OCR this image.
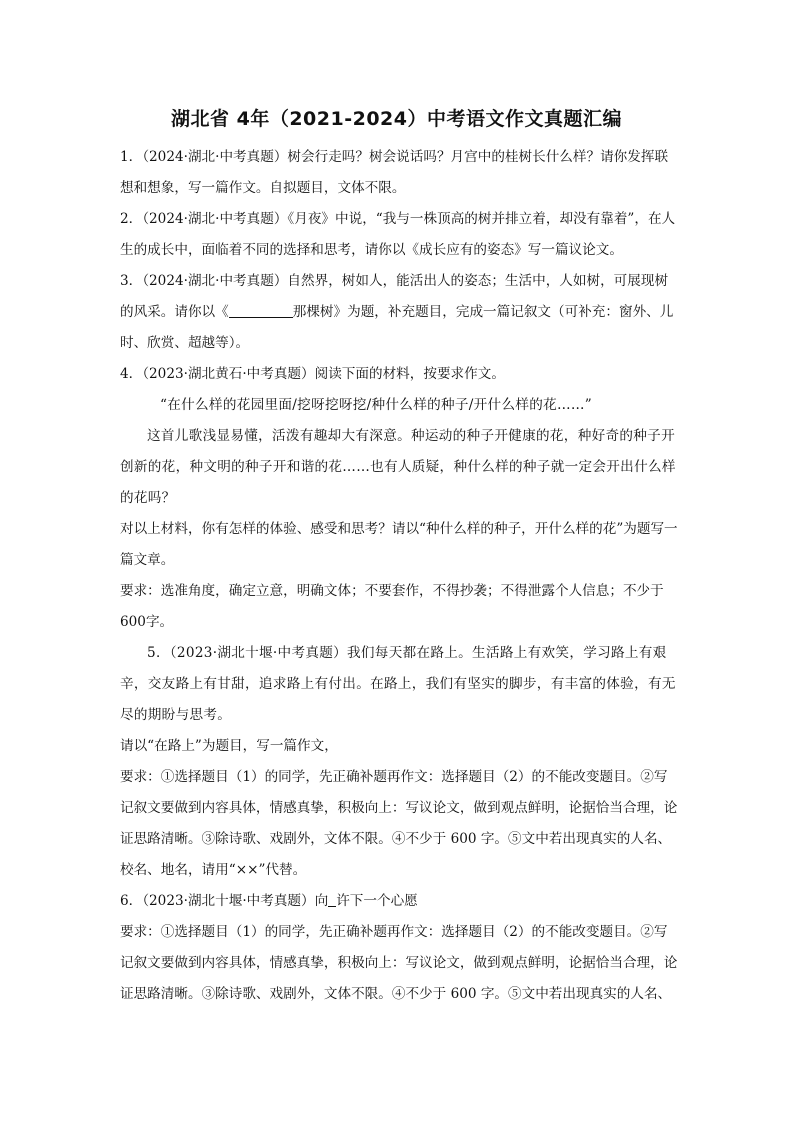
湖北省 4年（2021-2024）中考语文作文真题汇编

1．（2024·湖北·中考真题）树会行走吗？树会说话吗？月宫中的桂树长什么样？请你发挥联想和想象，写一篇作文。自拟题目，文体不限。

2．（2024·湖北·中考真题）《月夜》中说，“我与一株顶高的树并排立着，却没有靠着”，在人生的成长中，面临着不同的选择和思考，请你以《成长应有的姿态》写一篇议论文。

3．（2024·湖北·中考真题）自然界，树如人，能活出人的姿态；生活中，人如树，可展现树的风采。请你以《	那棵树》为题，补充题目，完成一篇记叙文（可补充：窗外、儿时、欣赏、超越等）。

4．（2023·湖北黄石·中考真题）阅读下面的材料，按要求作文。

“在什么样的花园里面/挖呀挖呀挖/种什么样的种子/开什么样的花……”

这首儿歌浅显易懂，活泼有趣却大有深意。种运动的种子开健康的花，种好奇的种子开创新的花，种文明的种子开和谐的花……也有人质疑，种什么样的种子就一定会开出什么样的花吗？

对以上材料，你有怎样的体验、感受和思考？请以“种什么样的种子，开什么样的花”为题写一篇文章。

要求：选准角度，确定立意，明确文体；不要套作，不得抄袭；不得泄露个人信息；不少于600字。

5．（2023·湖北十堰·中考真题）我们每天都在路上。生活路上有欢笑，学习路上有艰辛，交友路上有甘甜，追求路上有付出。在路上，我们有坚实的脚步，有丰富的体验，有无尽的期盼与思考。

请以“在路上”为题目，写一篇作文，

要求：①选择题目（1）的同学，先正确补题再作文：选择题目（2）的不能改变题目。②写记叙文要做到内容具体，情感真挚，积极向上：写议论文，做到观点鲜明，论据恰当合理，论证思路清晰。③除诗歌、戏剧外，文体不限。④不少于 600 字。⑤文中若出现真实的人名、校名、地名，请用“××”代替。

6．（2023·湖北十堰·中考真题）向 许下一个心愿

要求：①选择题目（1）的同学，先正确补题再作文：选择题目（2）的不能改变题目。②写记叙文要做到内容具体，情感真挚，积极向上：写议论文，做到观点鲜明，论据恰当合理，论证思路清晰。③除诗歌、戏剧外，文体不限。④不少于 600 字。⑤文中若出现真实的人名、
